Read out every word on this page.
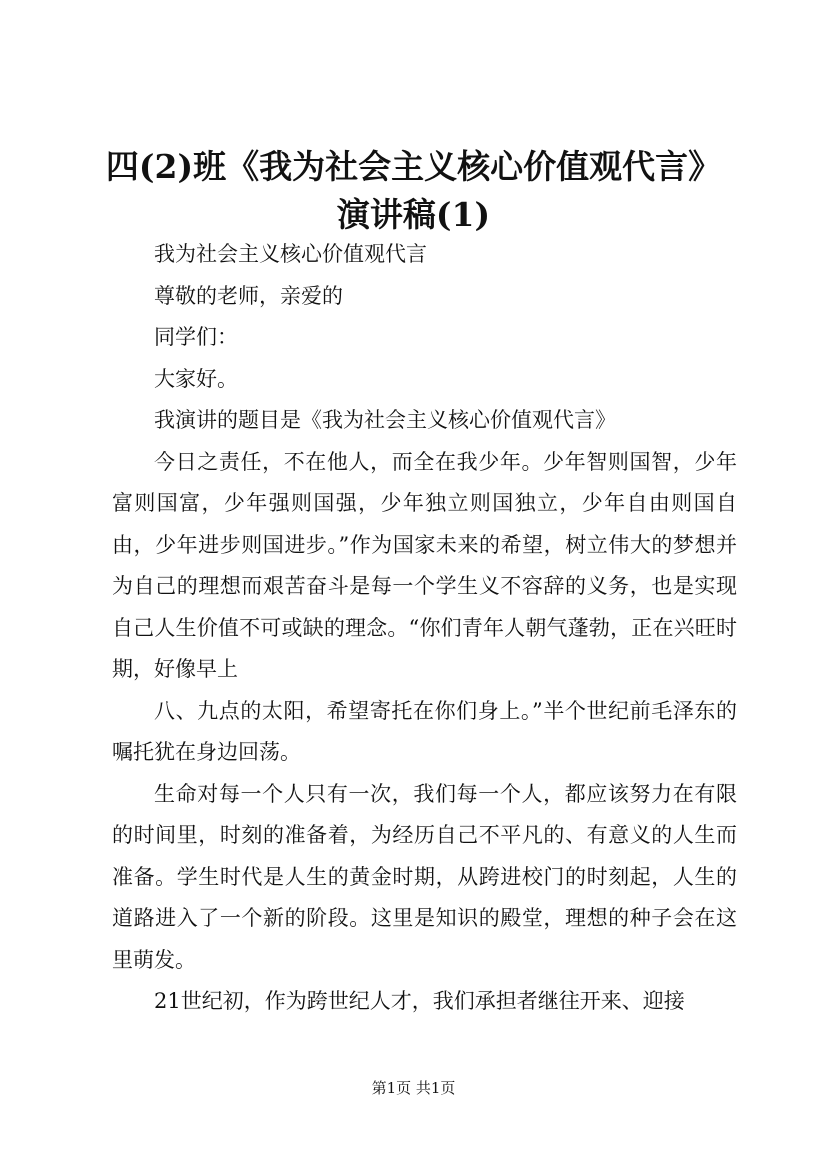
四(2)班《我为社会主义核心价值观代言》演讲稿(1)

我为社会主义核心价值观代言

尊敬的老师，亲爱的

同学们：

大家好。

我演讲的题目是《我为社会主义核心价值观代言》

今日之责任，不在他人，而全在我少年。少年智则国智，少年富则国富，少年强则国强，少年独立则国独立，少年自由则国自由，少年进步则国进步。”作为国家未来的希望，树立伟大的梦想并为自己的理想而艰苦奋斗是每一个学生义不容辞的义务，也是实现自己人生价值不可或缺的理念。“你们青年人朝气蓬勃，正在兴旺时期，好像早上

八、九点的太阳，希望寄托在你们身上。”半个世纪前毛泽东的嘱托犹在身边回荡。

生命对每一个人只有一次，我们每一个人，都应该努力在有限的时间里，时刻的准备着，为经历自己不平凡的、有意义的人生而准备。学生时代是人生的黄金时期，从跨进校门的时刻起，人生的道路进入了一个新的阶段。这里是知识的殿堂，理想的种子会在这里萌发。

21世纪初，作为跨世纪人才，我们承担者继往开来、迎接

第1页 共1页
